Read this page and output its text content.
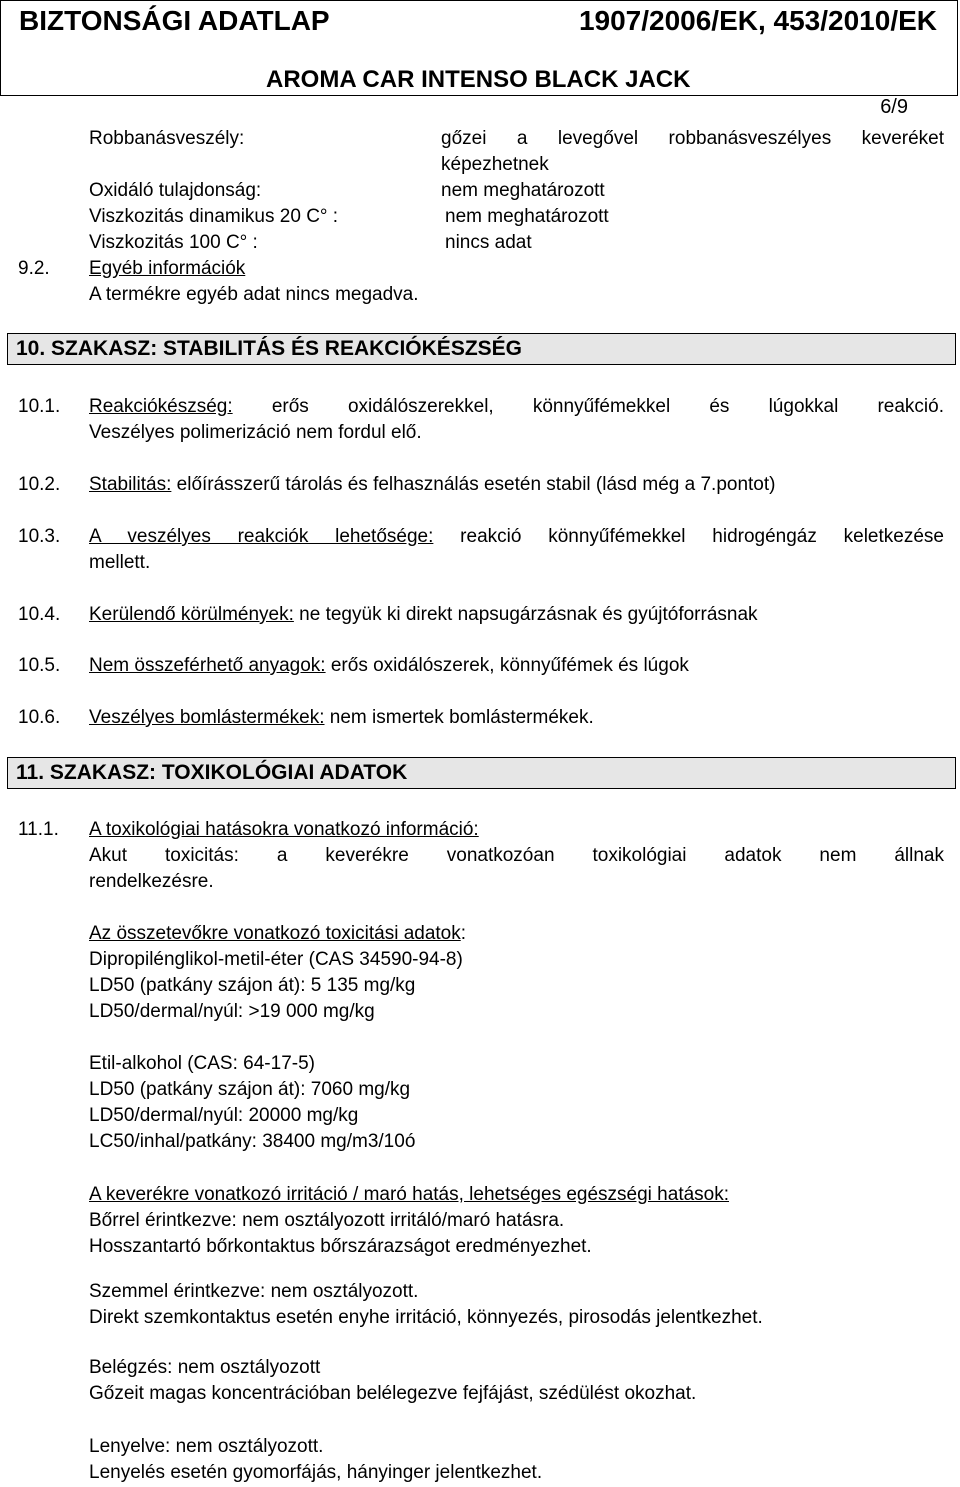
BIZTONSÁGI ADATLAP	1907/2006/EK, 453/2010/EK
AROMA CAR INTENSO BLACK JACK
6/9
Robbanásveszély:	gőzei a levegővel robbanásveszélyes keveréket
képezhetnek
Oxidáló tulajdonság:	nem meghatározott
Viszkozitás dinamikus 20 C° :	nem meghatározott
Viszkozitás 100 C° :	nincs adat
9.2. Egyéb információk
A termékre egyéb adat nincs megadva.
10. SZAKASZ: STABILITÁS ÉS REAKCIÓKÉSZSÉG
10.1. Reakciókészség: erős oxidálószerekkel, könnyűfémekkel és lúgokkal reakció.
Veszélyes polimerizáció nem fordul elő.
10.2. Stabilitás: előírásszerű tárolás és felhasználás esetén stabil (lásd még a 7.pontot)
10.3. A veszélyes reakciók lehetősége: reakció könnyűfémekkel hidrogéngáz keletkezése
mellett.
10.4. Kerülendő körülmények: ne tegyük ki direkt napsugárzásnak és gyújtóforrásnak
10.5. Nem összeférhető anyagok: erős oxidálószerek, könnyűfémek és lúgok
10.6. Veszélyes bomlástermékek: nem ismertek bomlástermékek.
11. SZAKASZ: TOXIKOLÓGIAI ADATOK
11.1. A toxikológiai hatásokra vonatkozó információ:
Akut toxicitás: a keverékre vonatkozóan toxikológiai adatok nem állnak
rendelkezésre.
Az összetevőkre vonatkozó toxicitási adatok:
Dipropilénglikol-metil-éter (CAS 34590-94-8)
LD50 (patkány szájon át): 5 135 mg/kg
LD50/dermal/nyúl: >19 000 mg/kg
Etil-alkohol (CAS: 64-17-5)
LD50 (patkány szájon át): 7060 mg/kg
LD50/dermal/nyúl: 20000 mg/kg
LC50/inhal/patkány: 38400 mg/m3/10ó
A keverékre vonatkozó irritáció / maró hatás, lehetséges egészségi hatások:
Bőrrel érintkezve: nem osztályozott irritáló/maró hatásra.
Hosszantartó bőrkontaktus bőrszárazságot eredményezhet.
Szemmel érintkezve: nem osztályozott.
Direkt szemkontaktus esetén enyhe irritáció, könnyezés, pirosodás jelentkezhet.
Belégzés: nem osztályozott
Gőzeit magas koncentrációban belélegezve fejfájást, szédülést okozhat.
Lenyelve: nem osztályozott.
Lenyelés esetén gyomorfájás, hányinger jelentkezhet.
